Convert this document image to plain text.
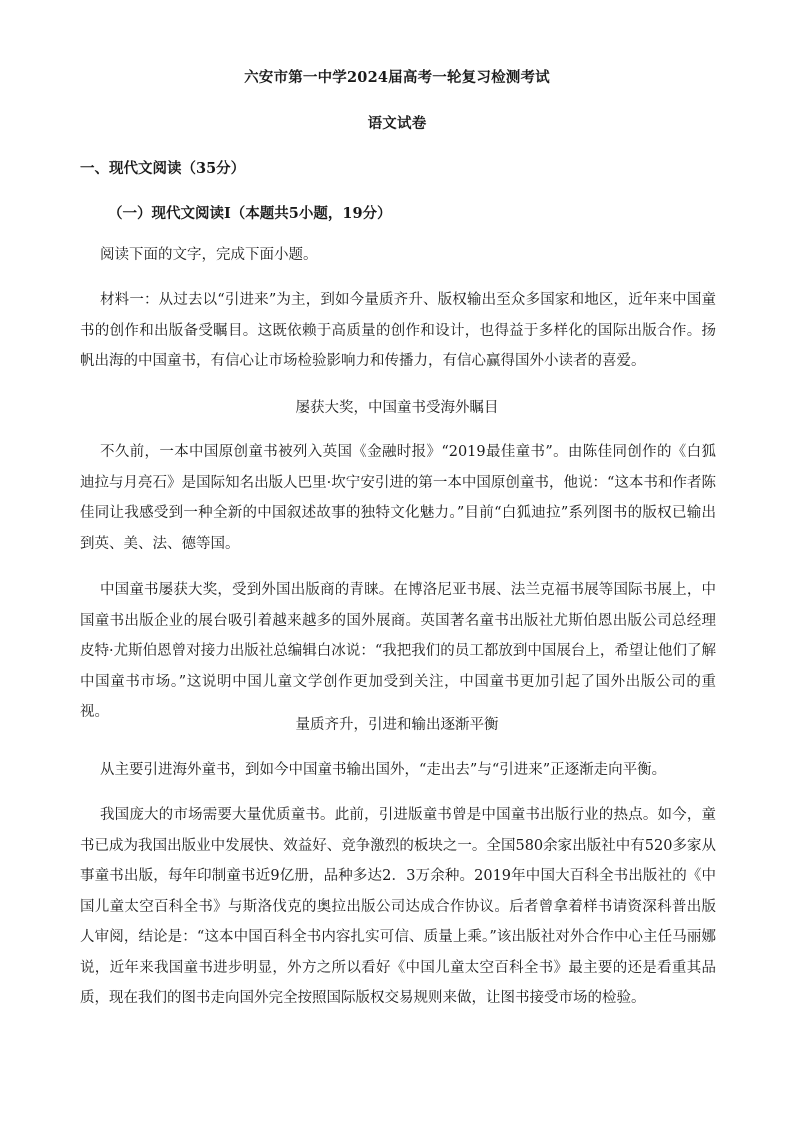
六安市第一中学2024届高考一轮复习检测考试
语文试卷
一、现代文阅读（35分）
（一）现代文阅读Ⅰ（本题共5小题，19分）

阅读下面的文字，完成下面小题。

材料一：从过去以“引进来”为主，到如今量质齐升、版权输出至众多国家和地区，近年来中国童书的创作和出版备受瞩目。这既依赖于高质量的创作和设计，也得益于多样化的国际出版合作。扬帆出海的中国童书，有信心让市场检验影响力和传播力，有信心赢得国外小读者的喜爱。

屡获大奖，中国童书受海外瞩目

不久前，一本中国原创童书被列入英国《金融时报》“2019最佳童书”。由陈佳同创作的《白狐迪拉与月亮石》是国际知名出版人巴里·坎宁安引进的第一本中国原创童书，他说：“这本书和作者陈佳同让我感受到一种全新的中国叙述故事的独特文化魅力。”目前“白狐迪拉”系列图书的版权已输出到英、美、法、德等国。

中国童书屡获大奖，受到外国出版商的青睐。在博洛尼亚书展、法兰克福书展等国际书展上，中国童书出版企业的展台吸引着越来越多的国外展商。英国著名童书出版社尤斯伯恩出版公司总经理皮特·尤斯伯恩曾对接力出版社总编辑白冰说：“我把我们的员工都放到中国展台上，希望让他们了解中国童书市场。”这说明中国儿童文学创作更加受到关注，中国童书更加引起了国外出版公司的重视。

量质齐升，引进和输出逐渐平衡

从主要引进海外童书，到如今中国童书输出国外，“走出去”与“引进来”正逐渐走向平衡。

我国庞大的市场需要大量优质童书。此前，引进版童书曾是中国童书出版行业的热点。如今，童书已成为我国出版业中发展快、效益好、竞争激烈的板块之一。全国580余家出版社中有520多家从事童书出版，每年印制童书近9亿册，品种多达2．3万余种。2019年中国大百科全书出版社的《中国儿童太空百科全书》与斯洛伐克的奥拉出版公司达成合作协议。后者曾拿着样书请资深科普出版人审阅，结论是：“这本中国百科全书内容扎实可信、质量上乘。”该出版社对外合作中心主任马丽娜说，近年来我国童书进步明显，外方之所以看好《中国儿童太空百科全书》最主要的还是看重其品质，现在我们的图书走向国外完全按照国际版权交易规则来做，让图书接受市场的检验。
